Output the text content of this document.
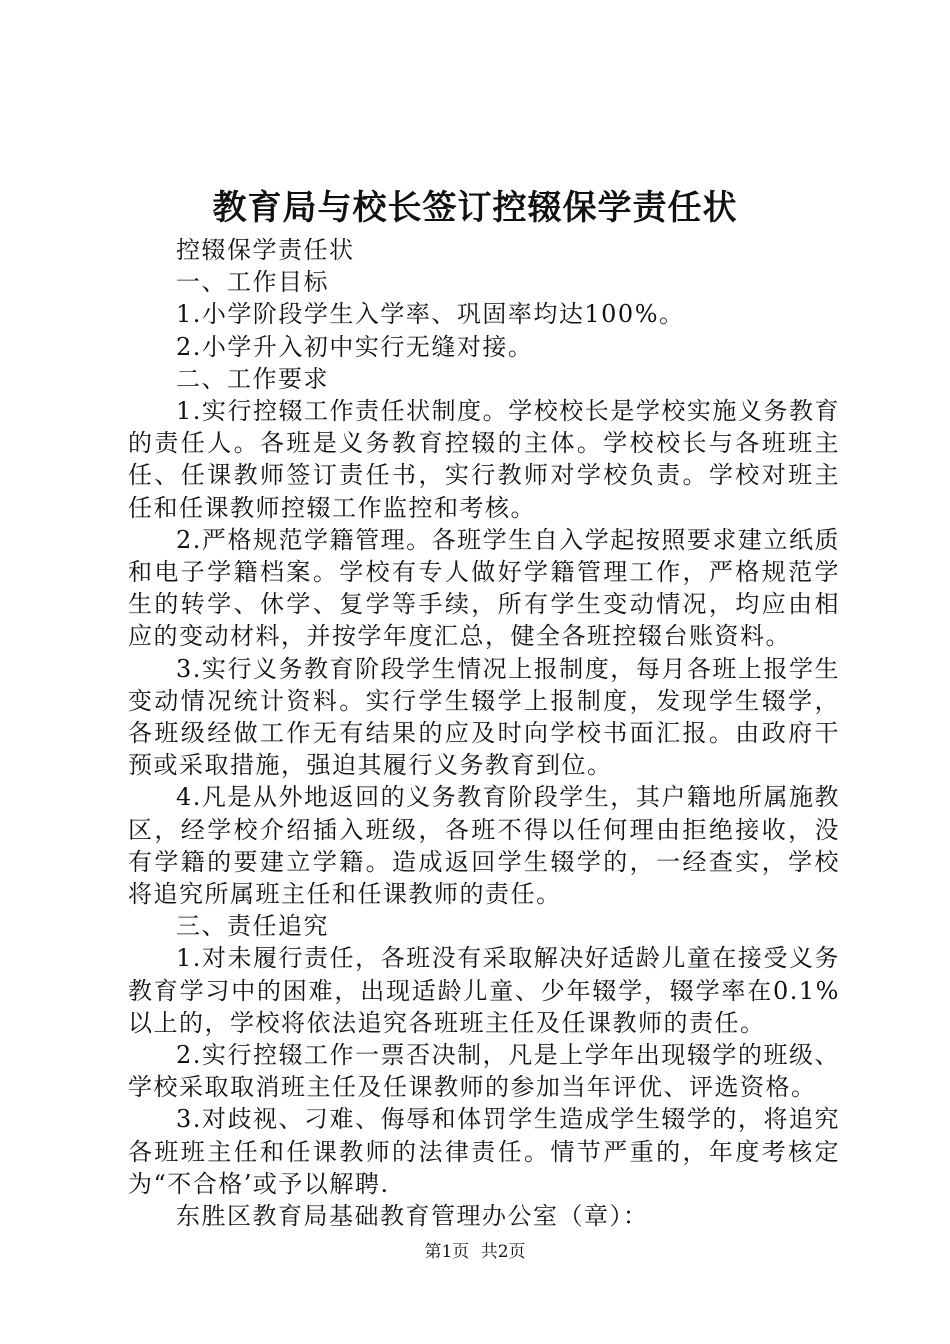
教育局与校长签订控辍保学责任状

控辍保学责任状

一、工作目标

1.小学阶段学生入学率、巩固率均达100%。

2.小学升入初中实行无缝对接。

二、工作要求

1.实行控辍工作责任状制度。学校校长是学校实施义务教育的责任人。各班是义务教育控辍的主体。学校校长与各班班主任、任课教师签订责任书，实行教师对学校负责。学校对班主任和任课教师控辍工作监控和考核。

2.严格规范学籍管理。各班学生自入学起按照要求建立纸质和电子学籍档案。学校有专人做好学籍管理工作，严格规范学生的转学、休学、复学等手续，所有学生变动情况，均应由相应的变动材料，并按学年度汇总，健全各班控辍台账资料。

3.实行义务教育阶段学生情况上报制度，每月各班上报学生变动情况统计资料。实行学生辍学上报制度，发现学生辍学，各班级经做工作无有结果的应及时向学校书面汇报。由政府干预或采取措施，强迫其履行义务教育到位。

4.凡是从外地返回的义务教育阶段学生，其户籍地所属施教区，经学校介绍插入班级，各班不得以任何理由拒绝接收，没有学籍的要建立学籍。造成返回学生辍学的，一经查实，学校将追究所属班主任和任课教师的责任。

三、责任追究

1.对未履行责任，各班没有采取解决好适龄儿童在接受义务教育学习中的困难，出现适龄儿童、少年辍学，辍学率在0.1%以上的，学校将依法追究各班班主任及任课教师的责任。

2.实行控辍工作一票否决制，凡是上学年出现辍学的班级、学校采取取消班主任及任课教师的参加当年评优、评选资格。

3.对歧视、刁难、侮辱和体罚学生造成学生辍学的，将追究各班班主任和任课教师的法律责任。情节严重的，年度考核定为“不合格’或予以解聘.

东胜区教育局基础教育管理办公室（章）：

第1页 共2页
